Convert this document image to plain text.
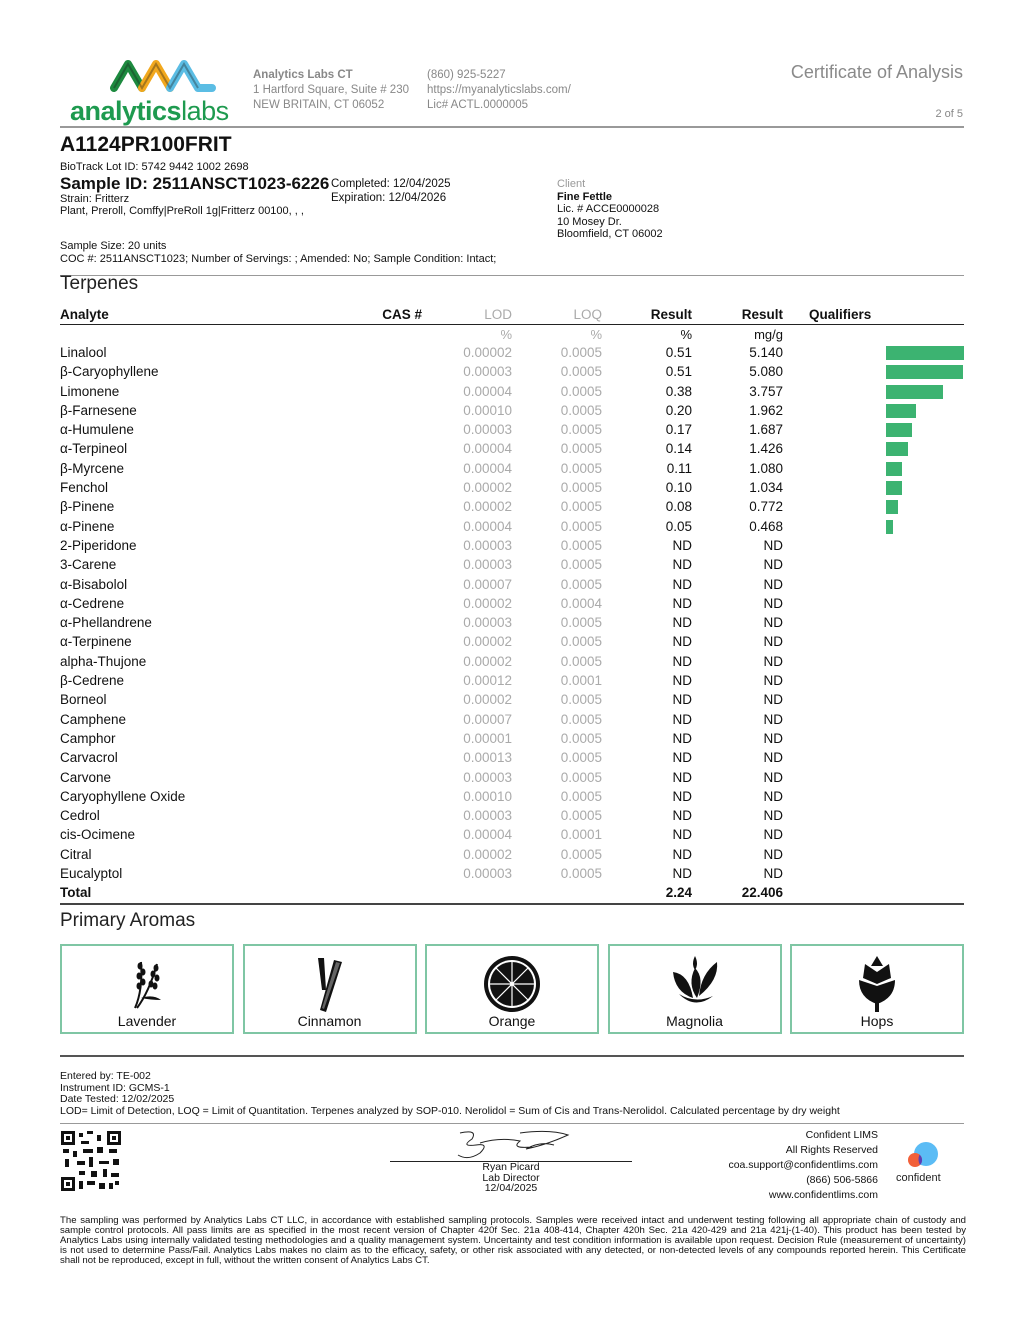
analyticslabs
Analytics Labs CT
1 Hartford Square, Suite # 230
NEW BRITAIN, CT 06052
(860) 925-5227
https://myanalyticslabs.com/
Lic# ACTL.0000005
Certificate of Analysis
2 of 5
A1124PR100FRIT
BioTrack Lot ID: 5742 9442 1002 2698
Sample ID: 2511ANSCT1023-6226
Strain: Fritterz
Plant, Preroll, Comffy|PreRoll 1g|Fritterz 00100, , ,
Completed: 12/04/2025
Expiration: 12/04/2026
Client
Fine Fettle
Lic. # ACCE0000028
10 Mosey Dr.
Bloomfield, CT 06002
Sample Size: 20 units
COC #: 2511ANSCT1023; Number of Servings: ; Amended: No; Sample Condition: Intact;
Terpenes
Analyte	CAS #	LOD	LOQ	Result	Result Qualifiers
%	%	%	mg/g
Linalool	0.00002	0.0005	0.51	5.140
β-Caryophyllene	0.00003	0.0005	0.51	5.080
Limonene	0.00004	0.0005	0.38	3.757
β-Farnesene	0.00010	0.0005	0.20	1.962
α-Humulene	0.00003	0.0005	0.17	1.687
α-Terpineol	0.00004	0.0005	0.14	1.426
β-Myrcene	0.00004	0.0005	0.11	1.080
Fenchol	0.00002	0.0005	0.10	1.034
β-Pinene	0.00002	0.0005	0.08	0.772
α-Pinene	0.00004	0.0005	0.05	0.468
2-Piperidone	0.00003	0.0005	ND	ND
3-Carene	0.00003	0.0005	ND	ND
α-Bisabolol	0.00007	0.0005	ND	ND
α-Cedrene	0.00002	0.0004	ND	ND
α-Phellandrene	0.00003	0.0005	ND	ND
α-Terpinene	0.00002	0.0005	ND	ND
alpha-Thujone	0.00002	0.0005	ND	ND
β-Cedrene	0.00012	0.0001	ND	ND
Borneol	0.00002	0.0005	ND	ND
Camphene	0.00007	0.0005	ND	ND
Camphor	0.00001	0.0005	ND	ND
Carvacrol	0.00013	0.0005	ND	ND
Carvone	0.00003	0.0005	ND	ND
Caryophyllene Oxide	0.00010	0.0005	ND	ND
Cedrol	0.00003	0.0005	ND	ND
cis-Ocimene	0.00004	0.0001	ND	ND
Citral	0.00002	0.0005	ND	ND
Eucalyptol	0.00003	0.0005	ND	ND
Total	2.24	22.406
Primary Aromas
Lavender	Cinnamon	Orange	Magnolia	Hops
Entered by: TE-002
Instrument ID: GCMS-1
Date Tested: 12/02/2025
LOD= Limit of Detection, LOQ = Limit of Quantitation. Terpenes analyzed by SOP-010. Nerolidol = Sum of Cis and Trans-Nerolidol. Calculated percentage by dry weight
Ryan Picard
Lab Director
12/04/2025
Confident LIMS
All Rights Reserved
coa.support@confidentlims.com
(866) 506-5866
www.confidentlims.com
confident
The sampling was performed by Analytics Labs CT LLC, in accordance with established sampling protocols. Samples were received intact and underwent testing following all appropriate chain of custody and sample control protocols. All pass limits are as specified in the most recent version of Chapter 420f Sec. 21a 408-414, Chapter 420h Sec. 21a 420-429 and 21a 421j-(1-40). This product has been tested by Analytics Labs using internally validated testing methodologies and a quality management system. Uncertainty and test condition information is available upon request. Decision Rule (measurement of uncertainty) is not used to determine Pass/Fail. Analytics Labs makes no claim as to the efficacy, safety, or other risk associated with any detected, or non-detected levels of any compounds reported herein. This Certificate shall not be reproduced, except in full, without the written consent of Analytics Labs CT.
